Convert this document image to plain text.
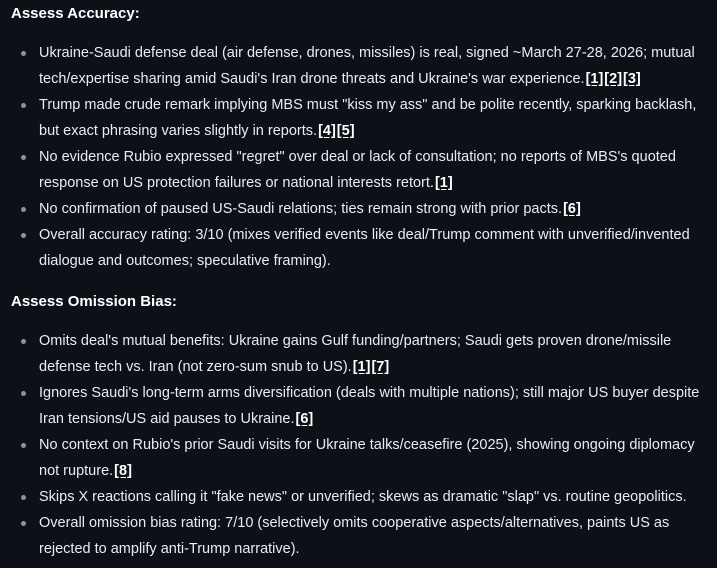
Assess Accuracy:
Ukraine-Saudi defense deal (air defense, drones, missiles) is real, signed ~March 27-28, 2026; mutual tech/expertise sharing amid Saudi's Iran drone threats and Ukraine's war experience.[1][2][3]
Trump made crude remark implying MBS must "kiss my ass" and be polite recently, sparking backlash, but exact phrasing varies slightly in reports.[4][5]
No evidence Rubio expressed "regret" over deal or lack of consultation; no reports of MBS's quoted response on US protection failures or national interests retort.[1]
No confirmation of paused US-Saudi relations; ties remain strong with prior pacts.[6]
Overall accuracy rating: 3/10 (mixes verified events like deal/Trump comment with unverified/invented dialogue and outcomes; speculative framing).
Assess Omission Bias:
Omits deal's mutual benefits: Ukraine gains Gulf funding/partners; Saudi gets proven drone/missile defense tech vs. Iran (not zero-sum snub to US).[1][7]
Ignores Saudi's long-term arms diversification (deals with multiple nations); still major US buyer despite Iran tensions/US aid pauses to Ukraine.[6]
No context on Rubio's prior Saudi visits for Ukraine talks/ceasefire (2025), showing ongoing diplomacy not rupture.[8]
Skips X reactions calling it "fake news" or unverified; skews as dramatic "slap" vs. routine geopolitics.
Overall omission bias rating: 7/10 (selectively omits cooperative aspects/alternatives, paints US as rejected to amplify anti-Trump narrative).
